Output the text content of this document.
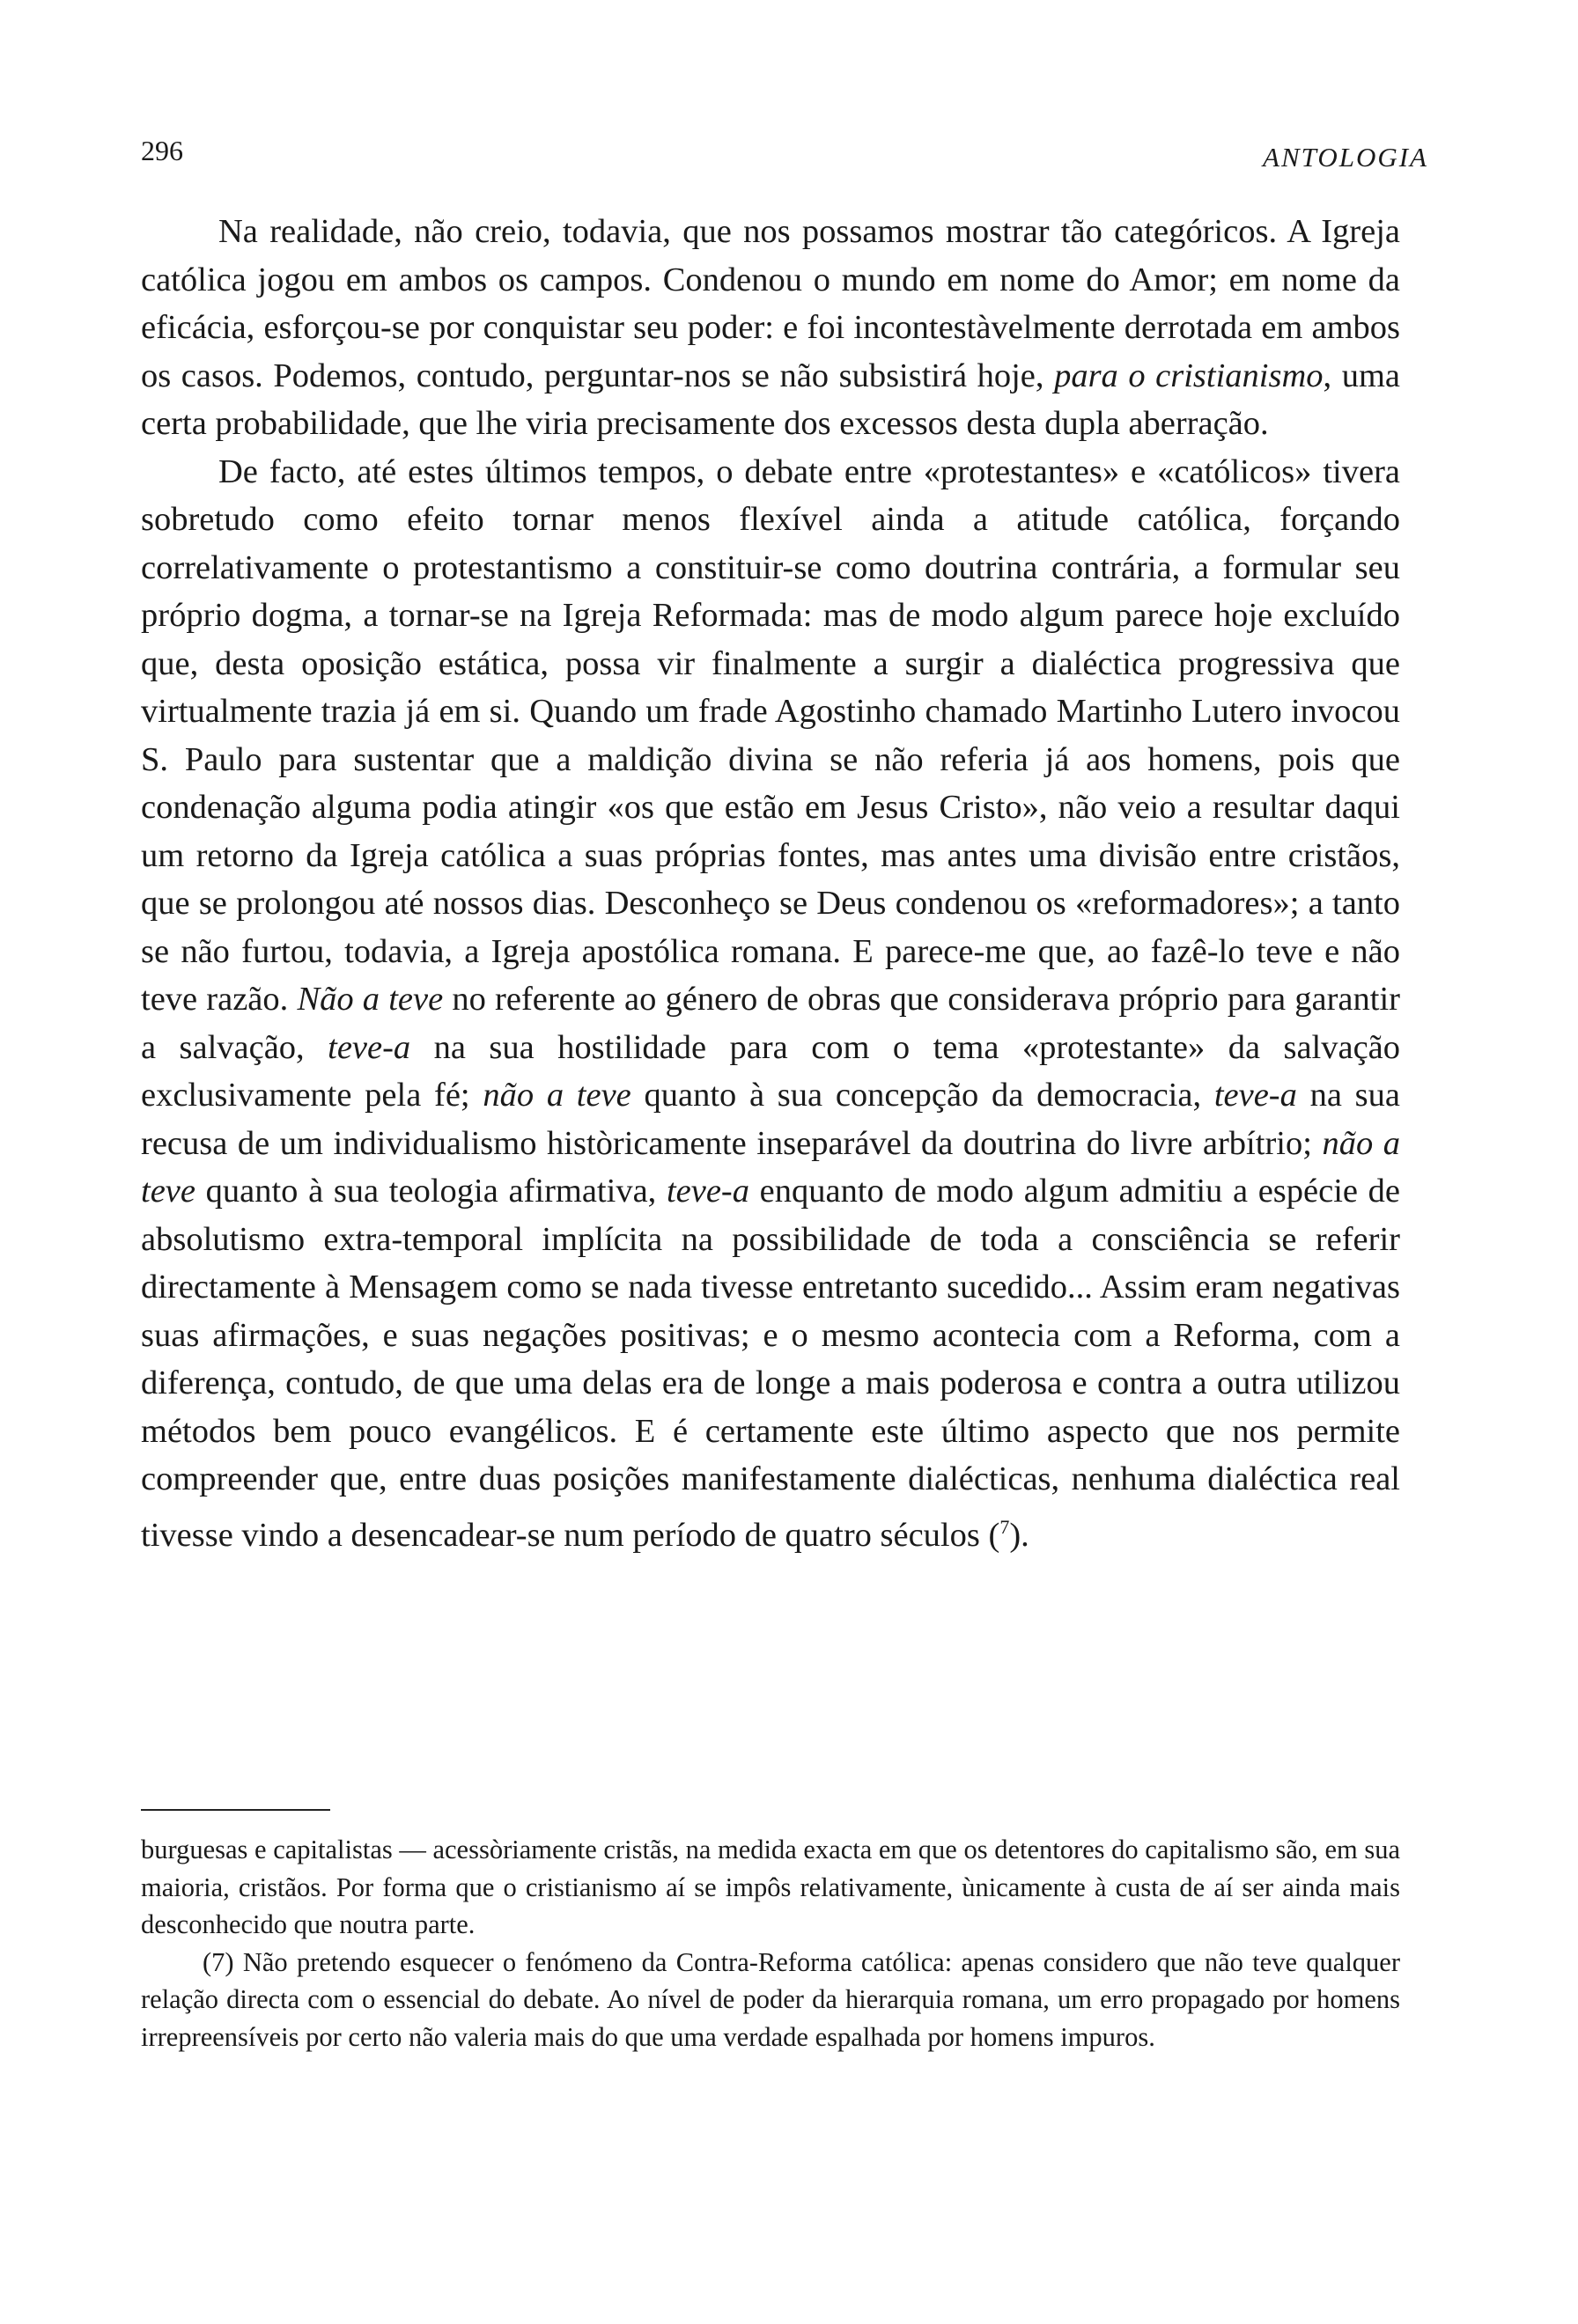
296	ANTOLOGIA

Na realidade, não creio, todavia, que nos possamos mostrar tão categóricos. A Igreja católica jogou em ambos os campos. Condenou o mundo em nome do Amor; em nome da eficácia, esforçou-se por conquistar seu poder: e foi incontestàvelmente derrotada em ambos os casos. Podemos, contudo, perguntar-nos se não subsistirá hoje, para o cristianismo, uma certa probabilidade, que lhe viria precisamente dos excessos desta dupla aberração.

De facto, até estes últimos tempos, o debate entre «protestantes» e «católicos» tivera sobretudo como efeito tornar menos flexível ainda a atitude católica, forçando correlativamente o protestantismo a constituir-se como doutrina contrária, a formular seu próprio dogma, a tornar-se na Igreja Reformada: mas de modo algum parece hoje excluído que, desta oposição estática, possa vir finalmente a surgir a dialéctica progressiva que virtualmente trazia já em si. Quando um frade Agostinho chamado Martinho Lutero invocou S. Paulo para sustentar que a maldição divina se não referia já aos homens, pois que condenação alguma podia atingir «os que estão em Jesus Cristo», não veio a resultar daqui um retorno da Igreja católica a suas próprias fontes, mas antes uma divisão entre cristãos, que se prolongou até nossos dias. Desconheço se Deus condenou os «reformadores»; a tanto se não furtou, todavia, a Igreja apostólica romana. E parece-me que, ao fazê-lo teve e não teve razão. Não a teve no referente ao género de obras que considerava próprio para garantir a salvação, teve-a na sua hostilidade para com o tema «protestante» da salvação exclusivamente pela fé; não a teve quanto à sua concepção da democracia, teve-a na sua recusa de um individualismo històricamente inseparável da doutrina do livre arbítrio; não a teve quanto à sua teologia afirmativa, teve-a enquanto de modo algum admitiu a espécie de absolutismo extra-temporal implícita na possibilidade de toda a consciência se referir directamente à Mensagem como se nada tivesse entretanto sucedido... Assim eram negativas suas afirmações, e suas negações positivas; e o mesmo acontecia com a Reforma, com a diferença, contudo, de que uma delas era de longe a mais poderosa e contra a outra utilizou métodos bem pouco evangélicos. E é certamente este último aspecto que nos permite compreender que, entre duas posições manifestamente dialécticas, nenhuma dialéctica real tivesse vindo a desencadear-se num período de quatro séculos ($^7$).

burguesas e capitalistas — acessòriamente cristãs, na medida exacta em que os detentores do capitalismo são, em sua maioria, cristãos. Por forma que o cristianismo aí se impôs relativamente, ùnicamente à custa de aí ser ainda mais desconhecido que noutra parte.

(7) Não pretendo esquecer o fenómeno da Contra-Reforma católica: apenas considero que não teve qualquer relação directa com o essencial do debate. Ao nível de poder da hierarquia romana, um erro propagado por homens irrepreensíveis por certo não valeria mais do que uma verdade espalhada por homens impuros.
